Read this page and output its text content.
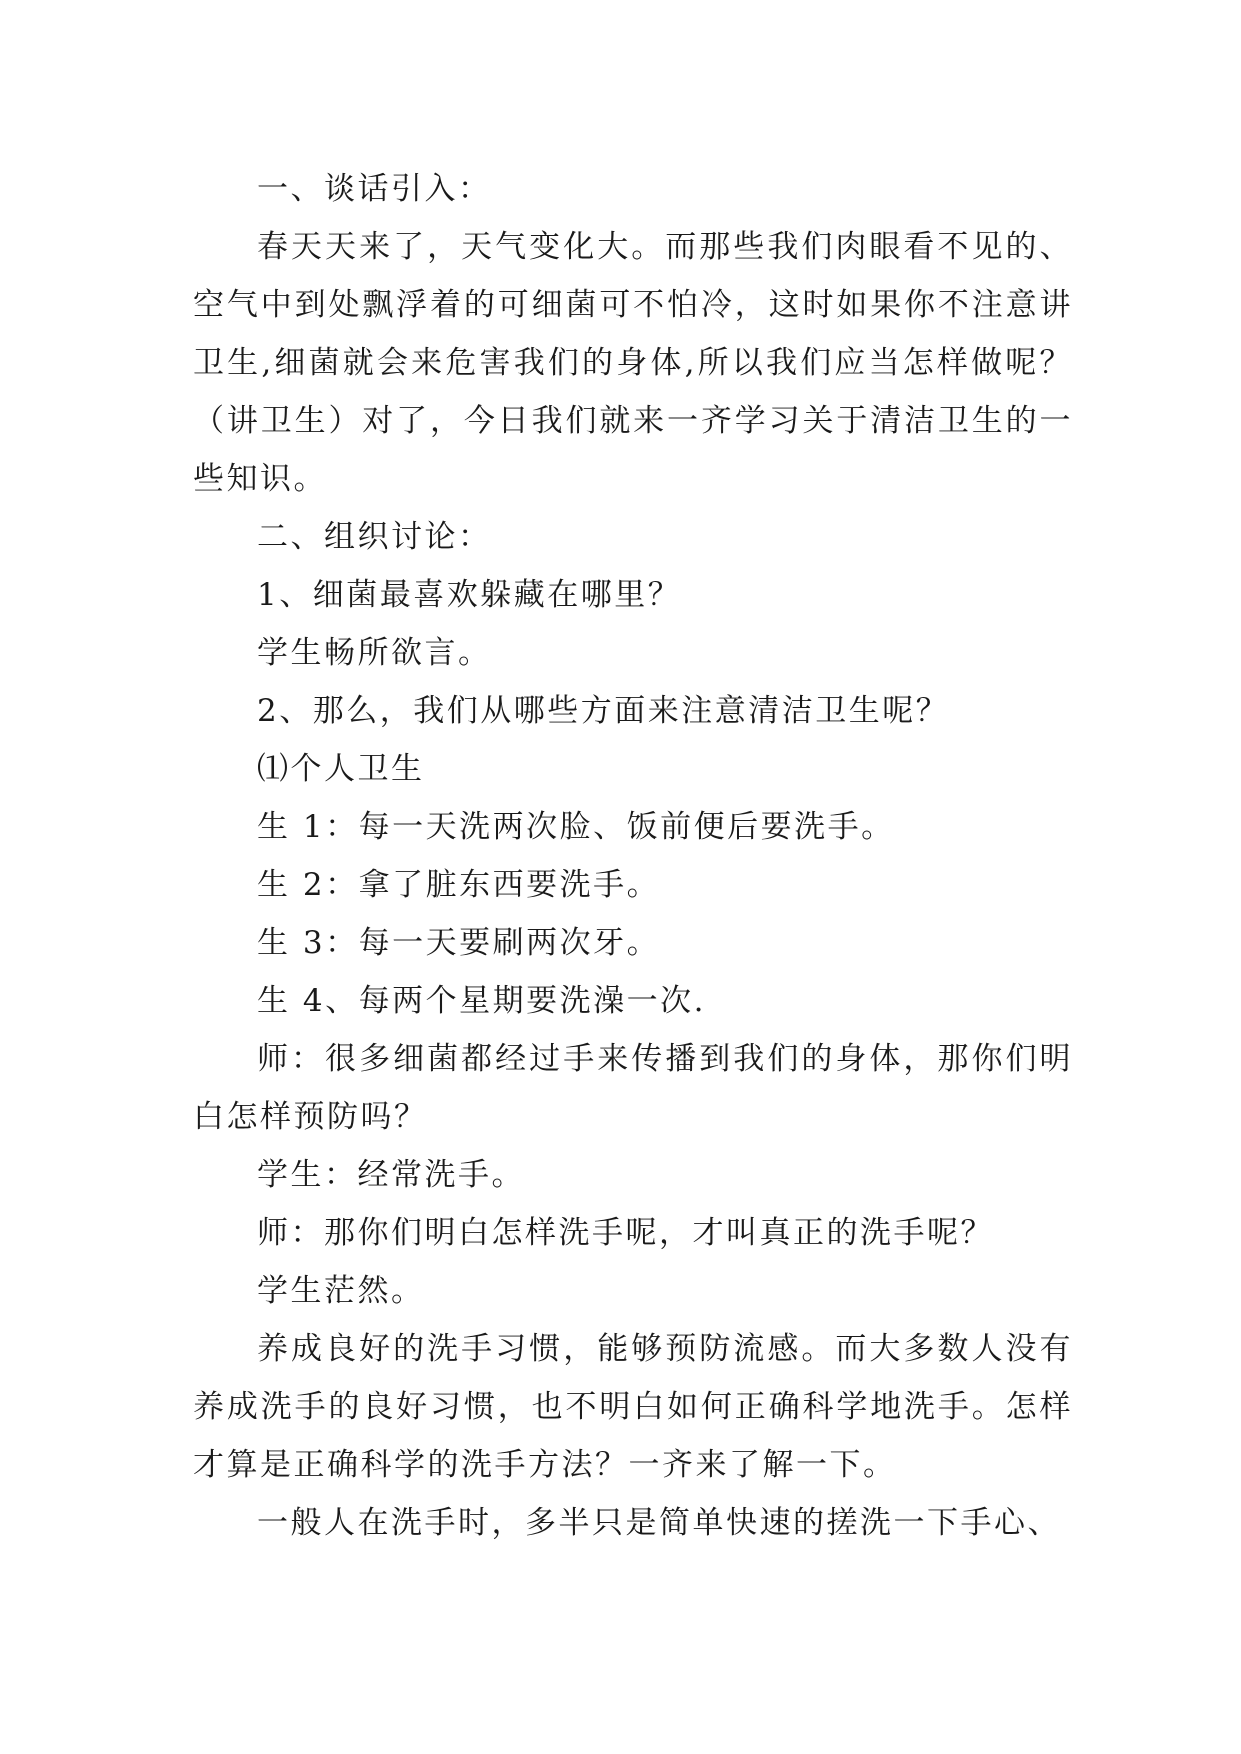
一、谈话引入：

春天天来了，天气变化大。而那些我们肉眼看不见的、空气中到处飘浮着的可细菌可不怕冷，这时如果你不注意讲卫生,细菌就会来危害我们的身体,所以我们应当怎样做呢？（讲卫生）对了，今日我们就来一齐学习关于清洁卫生的一些知识。

二、组织讨论：

1、细菌最喜欢躲藏在哪里？

学生畅所欲言。

2、那么，我们从哪些方面来注意清洁卫生呢？

⑴个人卫生

生 1：每一天洗两次脸、饭前便后要洗手。

生 2：拿了脏东西要洗手。

生 3：每一天要刷两次牙。

生 4、每两个星期要洗澡一次.

师：很多细菌都经过手来传播到我们的身体，那你们明白怎样预防吗？

学生：经常洗手。

师：那你们明白怎样洗手呢，才叫真正的洗手呢？

学生茫然。

养成良好的洗手习惯，能够预防流感。而大多数人没有养成洗手的良好习惯，也不明白如何正确科学地洗手。怎样才算是正确科学的洗手方法？一齐来了解一下。

一般人在洗手时，多半只是简单快速的搓洗一下手心、
